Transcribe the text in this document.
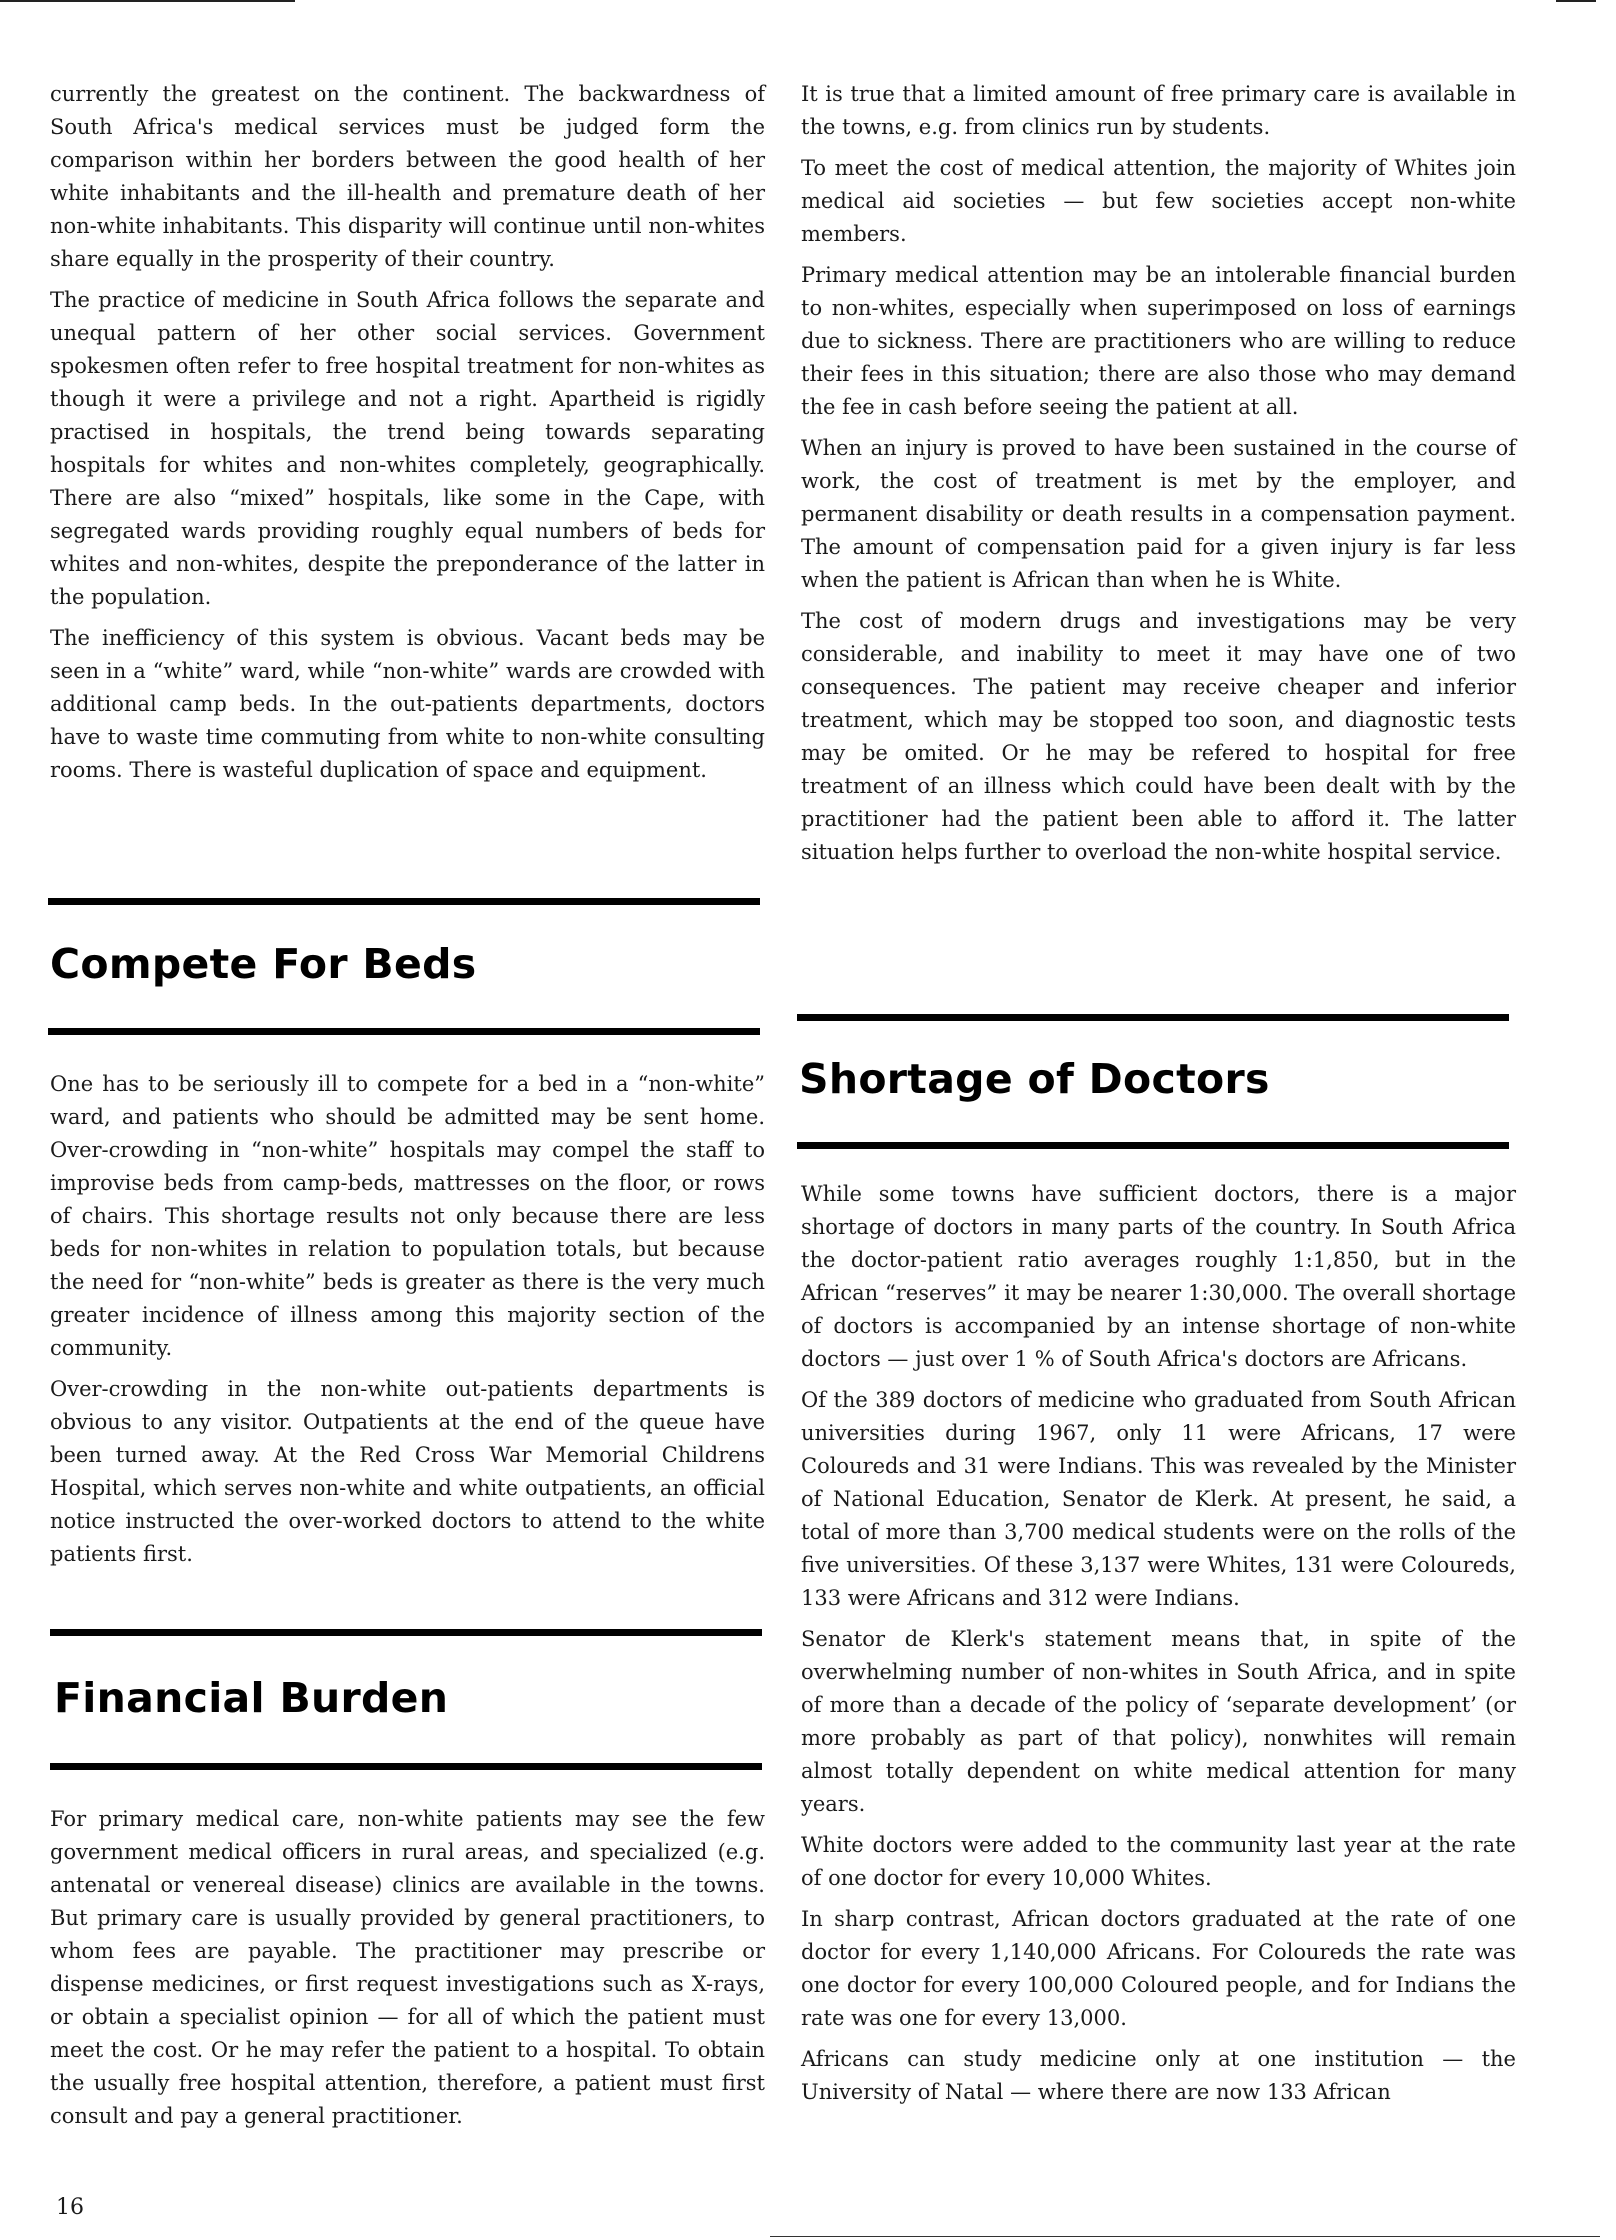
currently the greatest on the continent. The backwardness of South Africa's medical services must be judged form the comparison within her borders between the good health of her white inhabitants and the ill-health and premature death of her non-white inhabitants. This disparity will continue until non-whites share equally in the prosperity of their country.

The practice of medicine in South Africa follows the separate and unequal pattern of her other social services. Government spokesmen often refer to free hospital treatment for non-whites as though it were a privilege and not a right. Apartheid is rigidly practised in hospitals, the trend being towards separating hospitals for whites and non-whites completely, geographically. There are also “mixed” hospitals, like some in the Cape, with segregated wards providing roughly equal numbers of beds for whites and non-whites, despite the preponderance of the latter in the population.

The inefficiency of this system is obvious. Vacant beds may be seen in a “white” ward, while “non-white” wards are crowded with additional camp beds. In the out-patients departments, doctors have to waste time commuting from white to non-white consulting rooms. There is wasteful duplication of space and equipment.

Compete For Beds

One has to be seriously ill to compete for a bed in a “non-white” ward, and patients who should be admitted may be sent home. Over-crowding in “non-white” hospitals may compel the staff to improvise beds from camp-beds, mattresses on the floor, or rows of chairs. This shortage results not only because there are less beds for non-whites in relation to population totals, but because the need for “non-white” beds is greater as there is the very much greater incidence of illness among this majority section of the community.

Over-crowding in the non-white out-patients departments is obvious to any visitor. Outpatients at the end of the queue have been turned away. At the Red Cross War Memorial Childrens Hospital, which serves non-white and white outpatients, an official notice instructed the over-worked doctors to attend to the white patients first.

Financial Burden

For primary medical care, non-white patients may see the few government medical officers in rural areas, and specialized (e.g. antenatal or venereal disease) clinics are available in the towns. But primary care is usually provided by general practitioners, to whom fees are payable. The practitioner may prescribe or dispense medicines, or first request investigations such as X-rays, or obtain a specialist opinion — for all of which the patient must meet the cost. Or he may refer the patient to a hospital. To obtain the usually free hospital attention, therefore, a patient must first consult and pay a general practitioner.

16

It is true that a limited amount of free primary care is available in the towns, e.g. from clinics run by students.

To meet the cost of medical attention, the majority of Whites join medical aid societies — but few societies accept non-white members.

Primary medical attention may be an intolerable financial burden to non-whites, especially when superimposed on loss of earnings due to sickness. There are practitioners who are willing to reduce their fees in this situation; there are also those who may demand the fee in cash before seeing the patient at all.

When an injury is proved to have been sustained in the course of work, the cost of treatment is met by the employer, and permanent disability or death results in a compensation payment. The amount of compensation paid for a given injury is far less when the patient is African than when he is White.

The cost of modern drugs and investigations may be very considerable, and inability to meet it may have one of two consequences. The patient may receive cheaper and inferior treatment, which may be stopped too soon, and diagnostic tests may be omited. Or he may be refered to hospital for free treatment of an illness which could have been dealt with by the practitioner had the patient been able to afford it. The latter situation helps further to overload the non-white hospital service.

Shortage of Doctors

While some towns have sufficient doctors, there is a major shortage of doctors in many parts of the country. In South Africa the doctor-patient ratio averages roughly 1:1,850, but in the African “reserves” it may be nearer 1:30,000. The overall shortage of doctors is accompanied by an intense shortage of non-white doctors — just over 1 % of South Africa's doctors are Africans.

Of the 389 doctors of medicine who graduated from South African universities during 1967, only 11 were Africans, 17 were Coloureds and 31 were Indians. This was revealed by the Minister of National Education, Senator de Klerk. At present, he said, a total of more than 3,700 medical students were on the rolls of the five universities. Of these 3,137 were Whites, 131 were Coloureds, 133 were Africans and 312 were Indians.

Senator de Klerk's statement means that, in spite of the overwhelming number of non-whites in South Africa, and in spite of more than a decade of the policy of ‘separate development’ (or more probably as part of that policy), nonwhites will remain almost totally dependent on white medical attention for many years.

White doctors were added to the community last year at the rate of one doctor for every 10,000 Whites.

In sharp contrast, African doctors graduated at the rate of one doctor for every 1,140,000 Africans. For Coloureds the rate was one doctor for every 100,000 Coloured people, and for Indians the rate was one for every 13,000.

Africans can study medicine only at one institution — the University of Natal — where there are now 133 African
